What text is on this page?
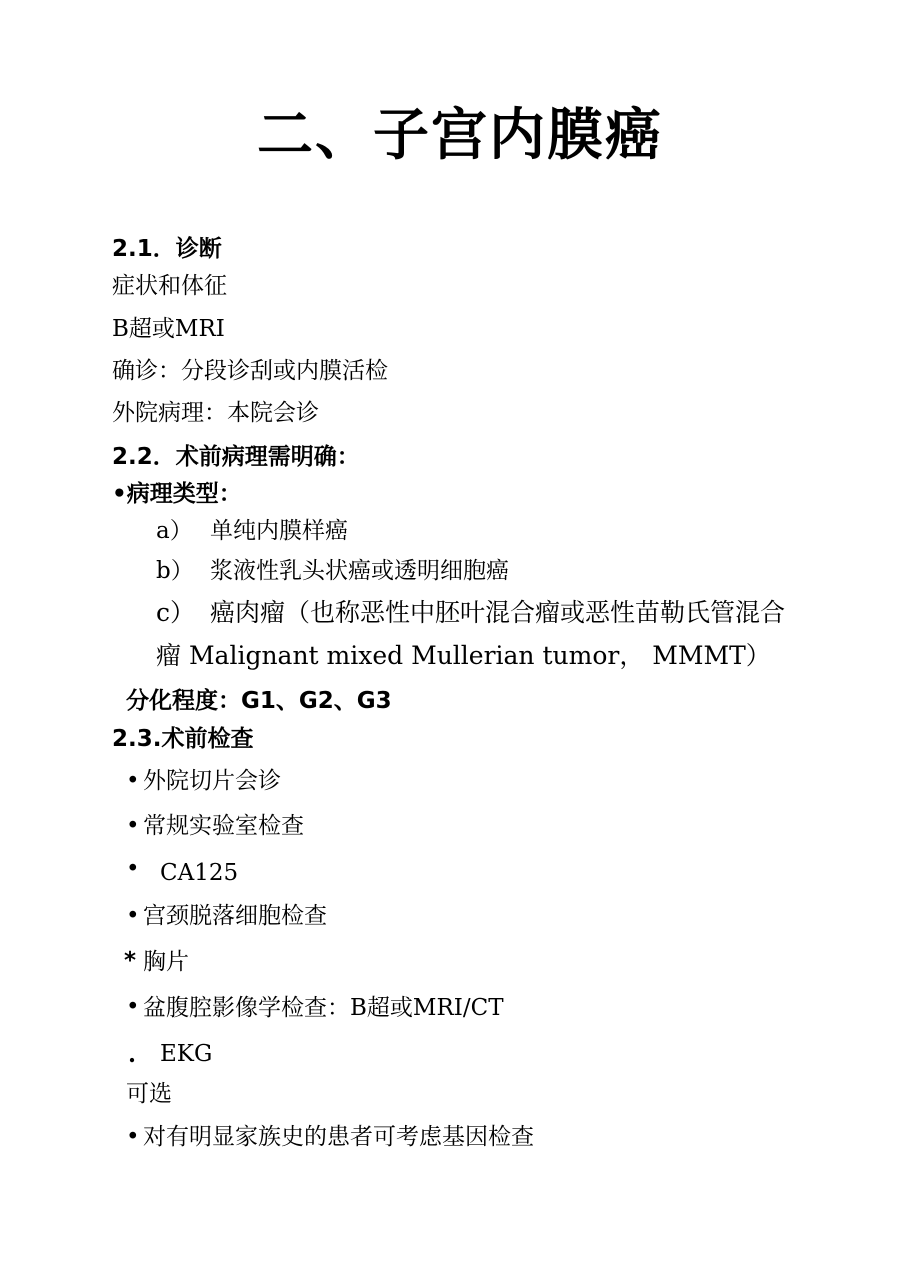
二、子宫内膜癌
2.1．诊断
症状和体征
B超或MRI
确诊：分段诊刮或内膜活检
外院病理：本院会诊
2.2．术前病理需明确：
•病理类型：
a） 单纯内膜样癌
b） 浆液性乳头状癌或透明细胞癌
c） 癌肉瘤（也称恶性中胚叶混合瘤或恶性苗勒氏管混合
瘤 Malignant mixed Mullerian tumor， MMMT）
分化程度：G1、G2、G3
2.3.术前检查
• 外院切片会诊
• 常规实验室检查
• CA125
• 宫颈脱落细胞检查
* 胸片
• 盆腹腔影像学检查：B超或MRI/CT
. EKG
可选
• 对有明显家族史的患者可考虑基因检查
